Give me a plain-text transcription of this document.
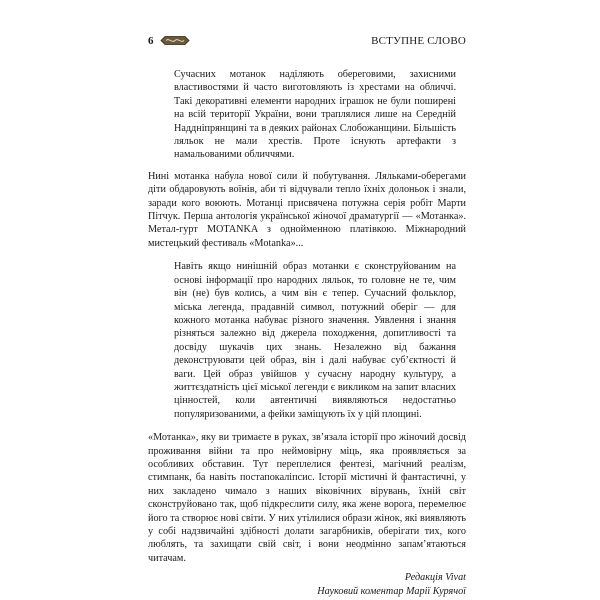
6	ВСТУПНЕ СЛОВО

Сучасних мотанок наділяють обереговими, захисними властивостями й часто виготовляють із хрестами на обличчі. Такі декоративні елементи народних іграшок не були поширені на всій території України, вони траплялися лише на Середній Наддніпрянщині та в деяких районах Слобожанщини. Більшість ляльок не мали хрестів. Проте існують артефакти з намальованими обличчями.

Нині мотанка набула нової сили й побутування. Ляльками-оберегами діти обдаровують воїнів, аби ті відчували тепло їхніх долоньок і знали, заради кого воюють. Мотанці присвячена потужна серія робіт Марти Пітчук. Перша антологія української жіночої драматургії — «Мотанка». Метал-гурт MOTANKA з однойменною платівкою. Міжнародний мистецький фестиваль «Motanka»...

Навіть якщо нинішній образ мотанки є сконструйованим на основі інформації про народних ляльок, то головне не те, чим він (не) був колись, а чим він є тепер. Сучасний фольклор, міська легенда, прадавній символ, потужний оберіг — для кожного мотанка набуває різного значення. Уявлення і знання різняться залежно від джерела походження, допитливості та досвіду шукачів цих знань. Незалежно від бажання деконструювати цей образ, він і далі набуває суб’єктності й ваги. Цей образ увійшов у сучасну народну культуру, а життєздатність цієї міської легенди є викликом на запит власних цінностей, коли автентичні виявляються недостатньо популяризованими, а фейки заміщують їх у цій площині.

«Мотанка», яку ви тримаєте в руках, зв’язала історії про жіночий досвід проживання війни та про неймовірну міць, яка проявляється за особливих обставин. Тут переплелися фентезі, магічний реалізм, стимпанк, ба навіть постапокаліпсис. Історії містичні й фантастичні, у них закладено чимало з наших віковічних вірувань, їхній світ сконструйовано так, щоб підкреслити силу, яка жене ворога, перемелює його та створює нові світи. У них утілилися образи жінок, які виявляють у собі надзвичайні здібності долати загарбників, оберігати тих, кого люблять, та захищати свій світ, і вони неодмінно запам’ятаються читачам.

Редакція Vivat
Науковий коментар Марії Курячої
